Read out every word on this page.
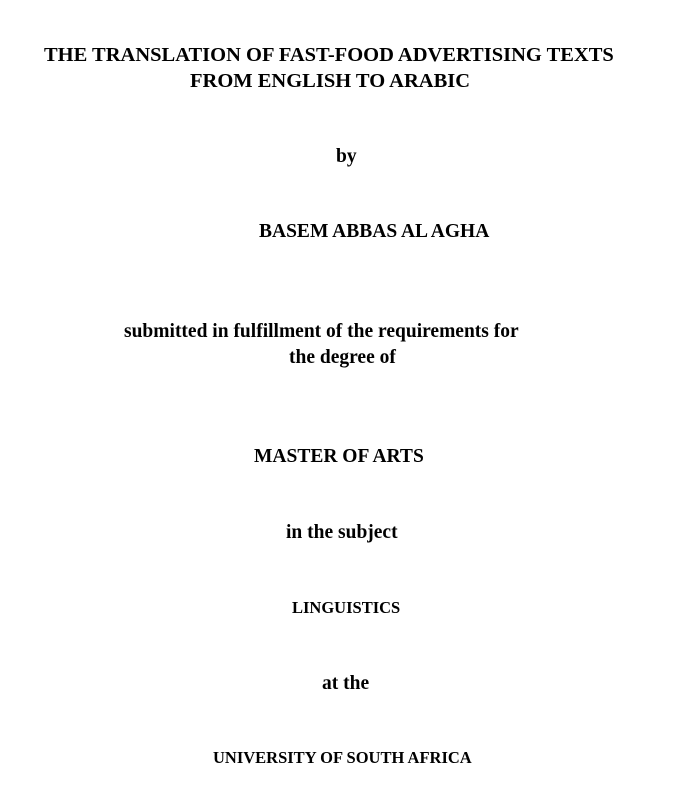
THE TRANSLATION OF FAST-FOOD ADVERTISING TEXTS
FROM ENGLISH TO ARABIC
by
BASEM ABBAS AL AGHA
submitted in fulfillment of the requirements for
the degree of
MASTER OF ARTS
in the subject
LINGUISTICS
at the
UNIVERSITY OF SOUTH AFRICA
